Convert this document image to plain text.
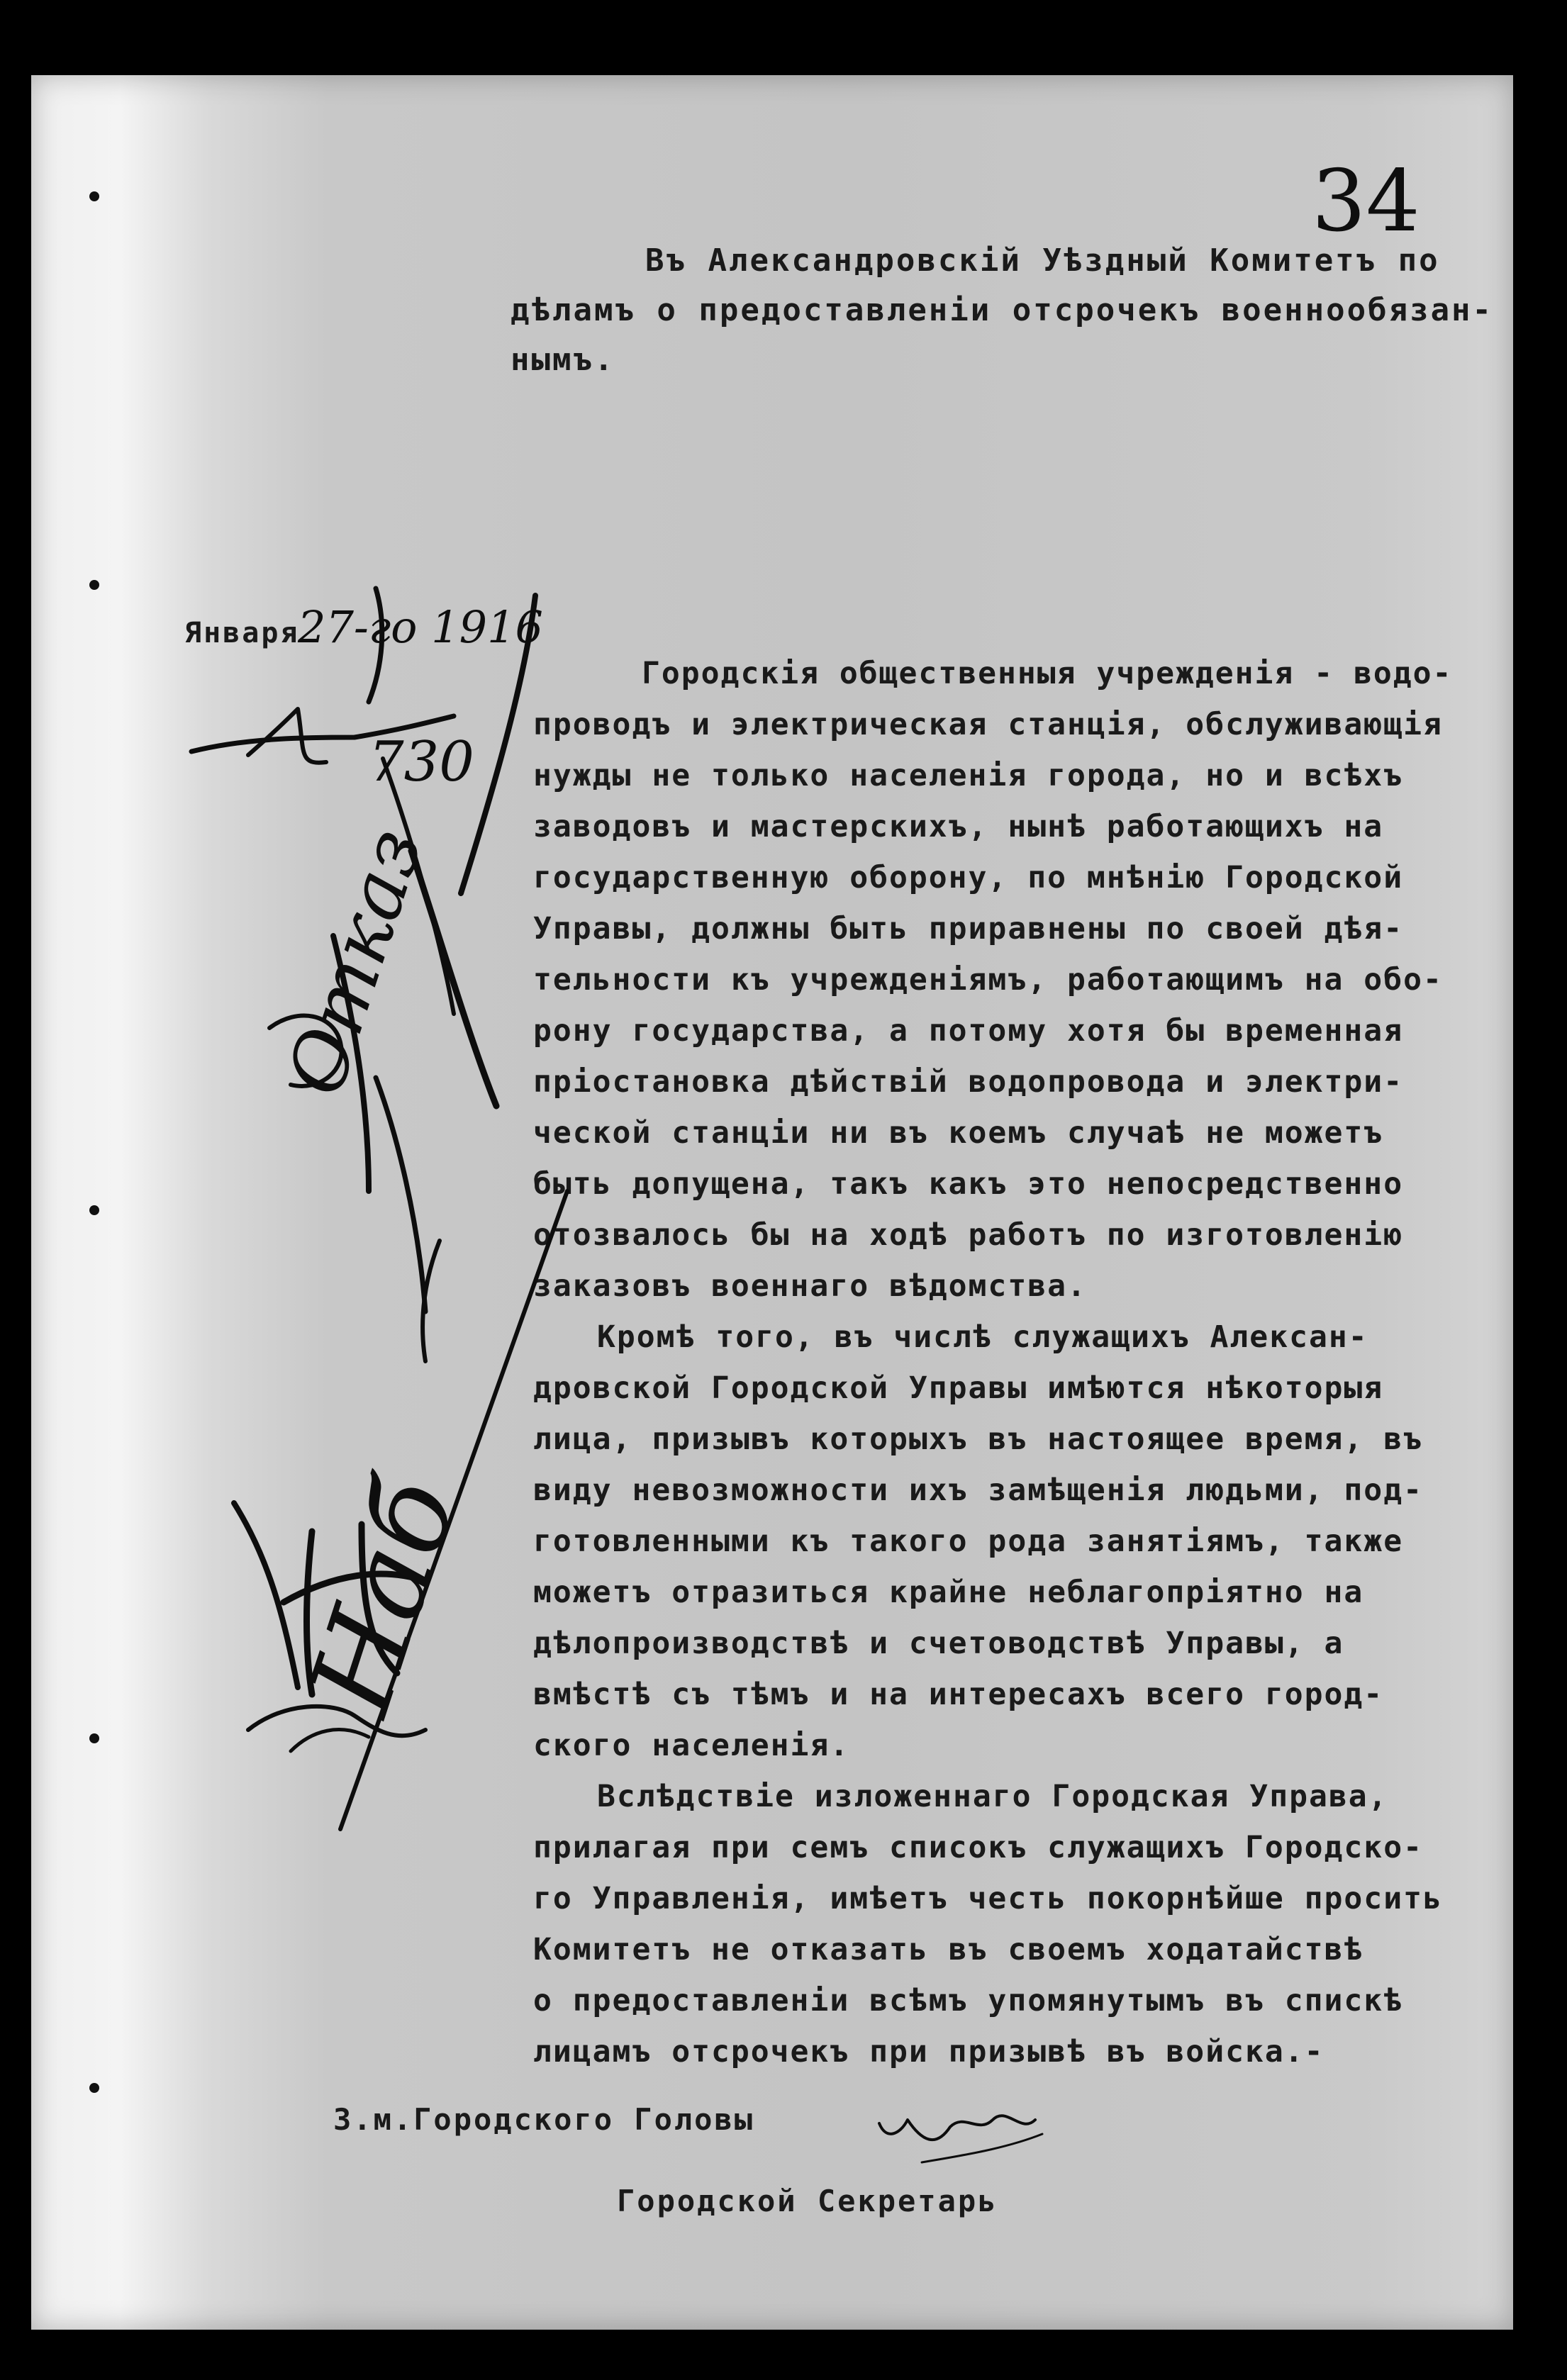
34
Въ Александровскiй Уѣздный Комитетъ по
дѣламъ о предоставленiи отсрочекъ военнообязан-
нымъ.
Января
27-го 1916
730
Городскiя общественныя учрежденiя - водо-
проводъ и электрическая станцiя, обслуживающiя
нужды не только населенiя города, но и всѣхъ
заводовъ и мастерскихъ, нынѣ работающихъ на
государственную оборону, по мнѣнiю Городской
Управы, должны быть приравнены по своей дѣя-
тельности къ учрежденiямъ, работающимъ на обо-
рону государства, а потому хотя бы временная
прiостановка дѣйствiй водопровода и электри-
ческой станцiи ни въ коемъ случаѣ не можетъ
быть допущена, такъ какъ это непосредственно
отозвалось бы на ходѣ работъ по изготовленiю
заказовъ военнаго вѣдомства.
Кромѣ того, въ числѣ служащихъ Алексан-
дровской Городской Управы имѣются нѣкоторыя
лица, призывъ которыхъ въ настоящее время, въ
виду невозможности ихъ замѣщенiя людьми, под-
готовленными къ такого рода занятiямъ, также
можетъ отразиться крайне неблагопрiятно на
дѣлопроизводствѣ и счетоводствѣ Управы, а
вмѣстѣ съ тѣмъ и на интересахъ всего город-
ского населенiя.
Вслѣдствiе изложеннаго Городская Управа,
прилагая при семъ списокъ служащихъ Городско-
го Управленiя, имѣетъ честь покорнѣйше просить
Комитетъ не отказать въ своемъ ходатайствѣ
о предоставленiи всѣмъ упомянутымъ въ спискѣ
лицамъ отсрочекъ при призывѣ въ войска.-
З.м.Городского Головы
Городской Секретарь
Отказ
Наб
